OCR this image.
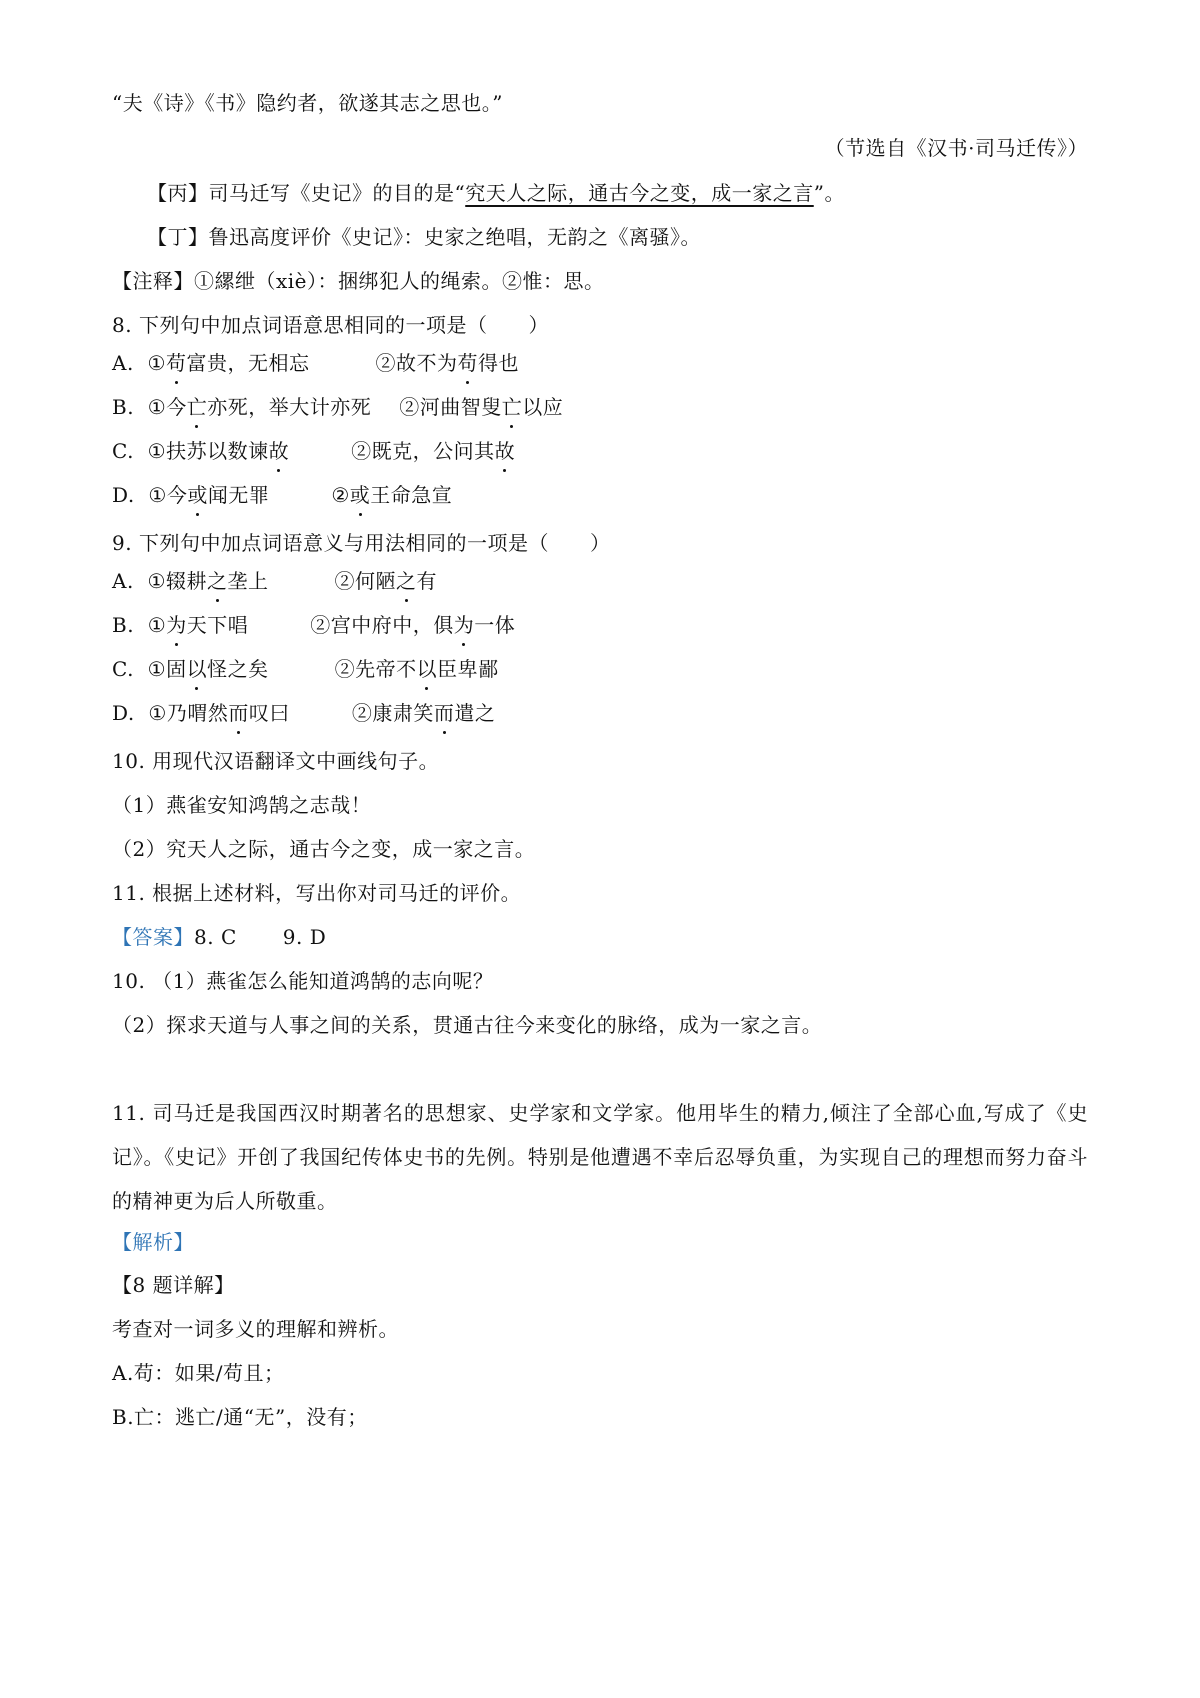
“夫《诗》《书》隐约者，欲遂其志之思也。”
（节选自《汉书·司马迁传》）
【丙】司马迁写《史记》的目的是“究天人之际，通古今之变，成一家之言”。
【丁】鲁迅高度评价《史记》：史家之绝唱，无韵之《离骚》。
【注释】①縲绁（xiè）：捆绑犯人的绳索。②惟：思。
8. 下列句中加点词语意思相同的一项是（　　）
A. ①苟富贵，无相忘	②故不为苟得也
B. ①今亡亦死，举大计亦死 ②河曲智叟亡以应
C. ①扶苏以数谏故	②既克，公问其故
D. ①今或闻无罪	②或王命急宣
9. 下列句中加点词语意义与用法相同的一项是（　　）
A. ①辍耕之垄上	②何陋之有
B. ①为天下唱	②宫中府中，俱为一体
C. ①固以怪之矣	②先帝不以臣卑鄙
D. ①乃喟然而叹曰	②康肃笑而遣之
10. 用现代汉语翻译文中画线句子。
（1）燕雀安知鸿鹄之志哉！
（2）究天人之际，通古今之变，成一家之言。
11. 根据上述材料，写出你对司马迁的评价。
【答案】8. C 9. D
10. （1）燕雀怎么能知道鸿鹄的志向呢？
（2）探求天道与人事之间的关系，贯通古往今来变化的脉络，成为一家之言。
11. 司马迁是我国西汉时期著名的思想家、史学家和文学家。他用毕生的精力,倾注了全部心血,写成了《史记》。《史记》开创了我国纪传体史书的先例。特别是他遭遇不幸后忍辱负重，为实现自己的理想而努力奋斗的精神更为后人所敬重。
【解析】
【8 题详解】
考查对一词多义的理解和辨析。
A.苟：如果/苟且；
B.亡：逃亡/通“无”，没有；
